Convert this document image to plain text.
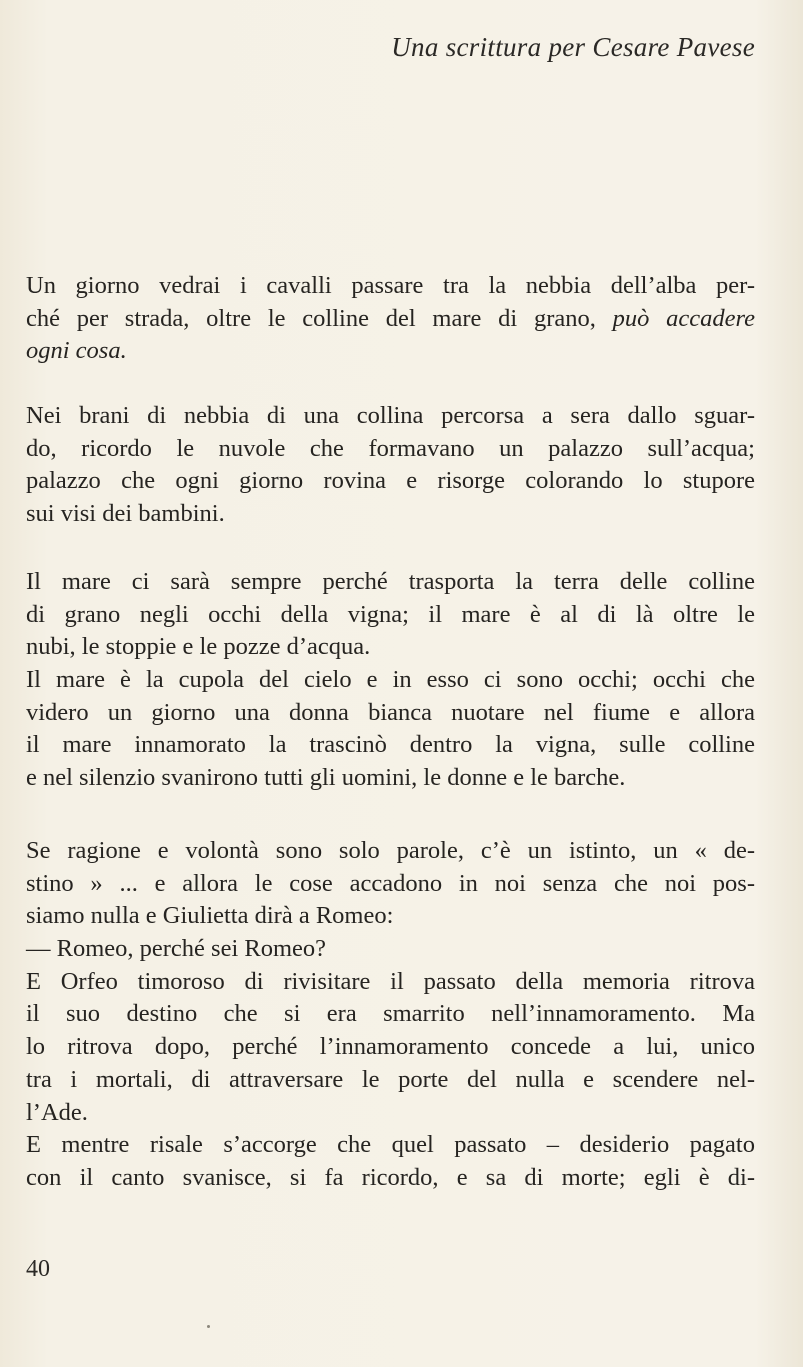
Una scrittura per Cesare Pavese
Un giorno vedrai i cavalli passare tra la nebbia dell’alba per-
ché per strada, oltre le colline del mare di grano, può accadere
ogni cosa.
Nei brani di nebbia di una collina percorsa a sera dallo sguar-
do, ricordo le nuvole che formavano un palazzo sull’acqua;
palazzo che ogni giorno rovina e risorge colorando lo stupore
sui visi dei bambini.
Il mare ci sarà sempre perché trasporta la terra delle colline
di grano negli occhi della vigna; il mare è al di là oltre le
nubi, le stoppie e le pozze d’acqua.
Il mare è la cupola del cielo e in esso ci sono occhi; occhi che
videro un giorno una donna bianca nuotare nel fiume e allora
il mare innamorato la trascinò dentro la vigna, sulle colline
e nel silenzio svanirono tutti gli uomini, le donne e le barche.
Se ragione e volontà sono solo parole, c’è un istinto, un « de-
stino » ... e allora le cose accadono in noi senza che noi pos-
siamo nulla e Giulietta dirà a Romeo:
— Romeo, perché sei Romeo?
E Orfeo timoroso di rivisitare il passato della memoria ritrova
il suo destino che si era smarrito nell’innamoramento. Ma
lo ritrova dopo, perché l’innamoramento concede a lui, unico
tra i mortali, di attraversare le porte del nulla e scendere nel-
l’Ade.
E mentre risale s’accorge che quel passato – desiderio pagato
con il canto svanisce, si fa ricordo, e sa di morte; egli è di-
40
